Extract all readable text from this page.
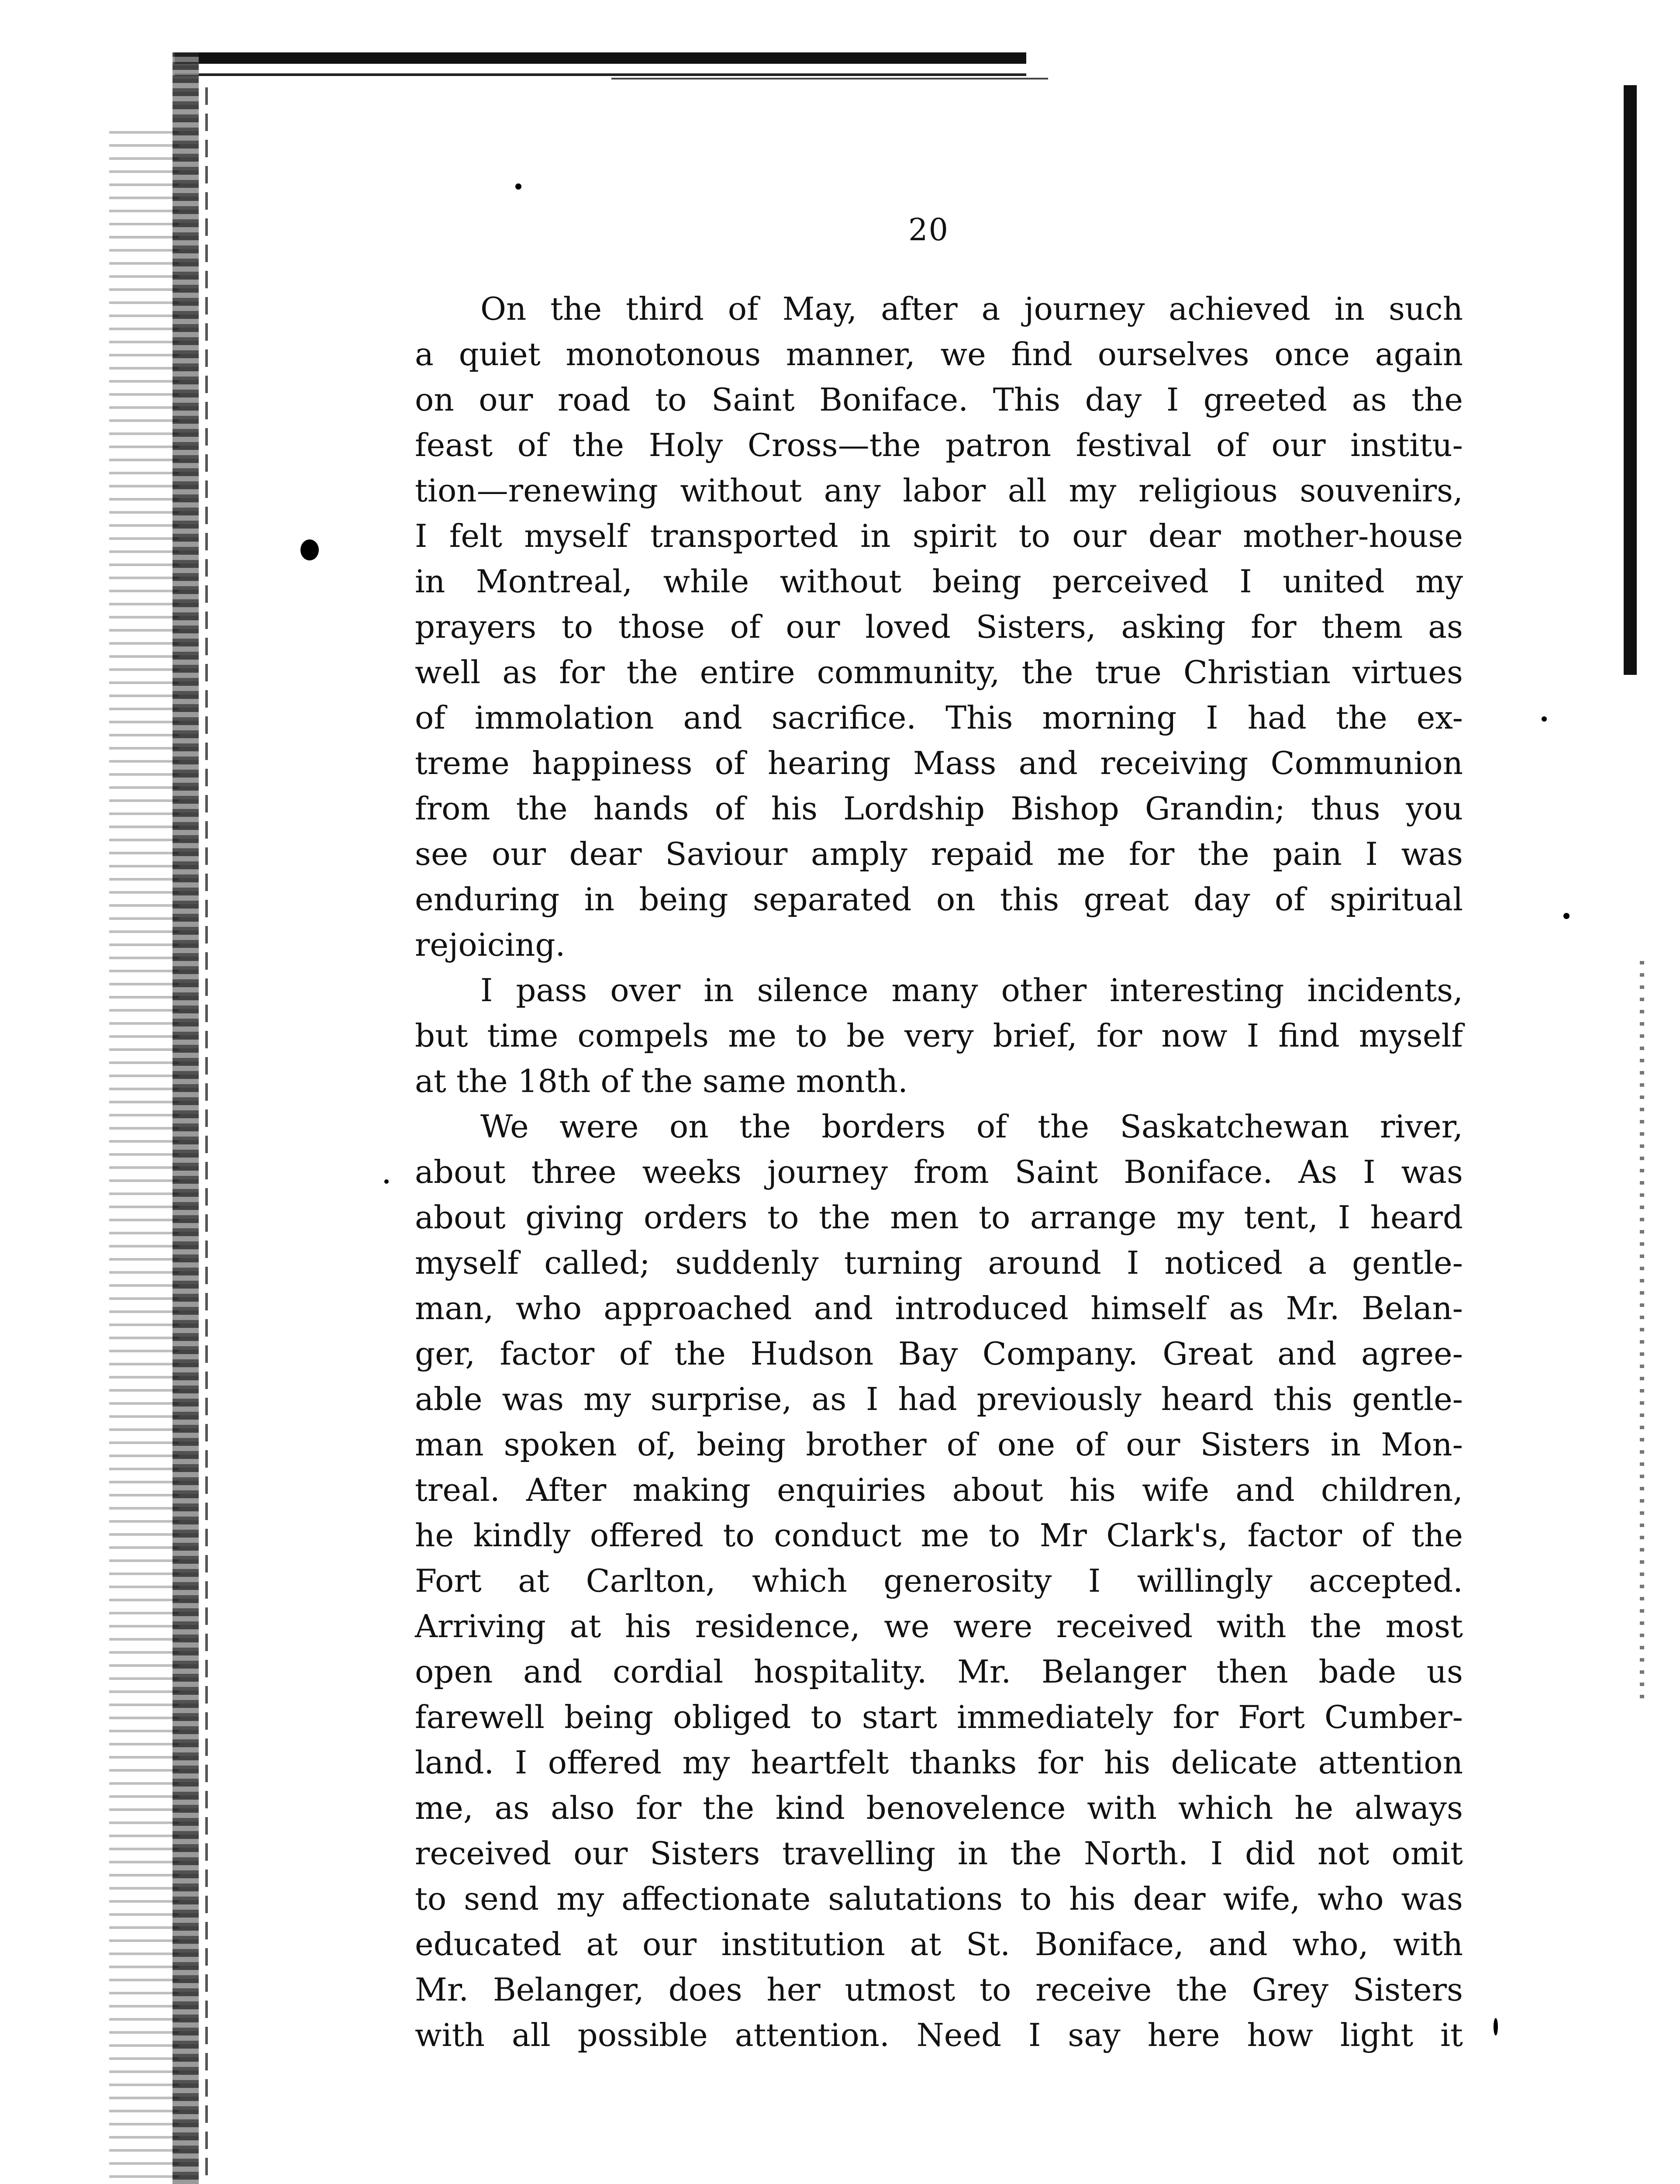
20
On the third of May, after a journey achieved in such
a quiet monotonous manner, we find ourselves once again
on our road to Saint Boniface. This day I greeted as the
feast of the Holy Cross—the patron festival of our institu-
tion—renewing without any labor all my religious souvenirs,
I felt myself transported in spirit to our dear mother-house
in Montreal, while without being perceived I united my
prayers to those of our loved Sisters, asking for them as
well as for the entire community, the true Christian virtues
of immolation and sacrifice. This morning I had the ex-
treme happiness of hearing Mass and receiving Communion
from the hands of his Lordship Bishop Grandin; thus you
see our dear Saviour amply repaid me for the pain I was
enduring in being separated on this great day of spiritual
rejoicing.
I pass over in silence many other interesting incidents,
but time compels me to be very brief, for now I find myself
at the 18th of the same month.
We were on the borders of the Saskatchewan river,
about three weeks journey from Saint Boniface. As I was
about giving orders to the men to arrange my tent, I heard
myself called; suddenly turning around I noticed a gentle-
man, who approached and introduced himself as Mr. Belan-
ger, factor of the Hudson Bay Company. Great and agree-
able was my surprise, as I had previously heard this gentle-
man spoken of, being brother of one of our Sisters in Mon-
treal. After making enquiries about his wife and children,
he kindly offered to conduct me to Mr Clark's, factor of the
Fort at Carlton, which generosity I willingly accepted.
Arriving at his residence, we were received with the most
open and cordial hospitality. Mr. Belanger then bade us
farewell being obliged to start immediately for Fort Cumber-
land. I offered my heartfelt thanks for his delicate attention
me, as also for the kind benovelence with which he always
received our Sisters travelling in the North. I did not omit
to send my affectionate salutations to his dear wife, who was
educated at our institution at St. Boniface, and who, with
Mr. Belanger, does her utmost to receive the Grey Sisters
with all possible attention. Need I say here how light it
